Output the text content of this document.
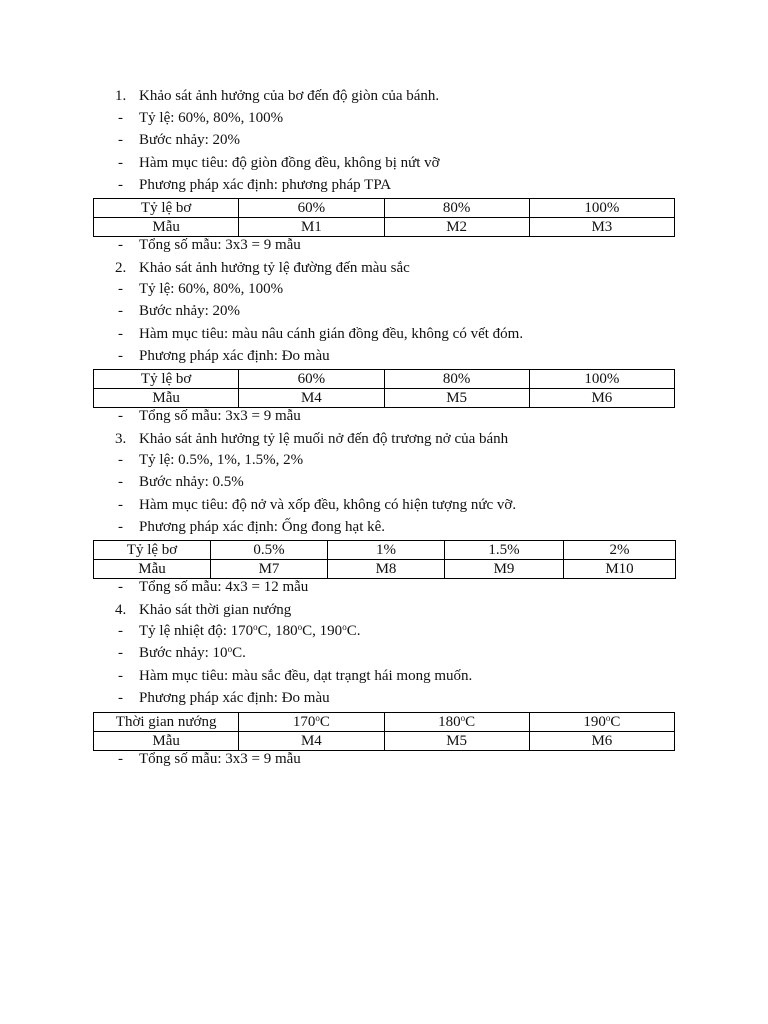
1. Khảo sát ảnh hưởng của bơ đến độ giòn của bánh.
- Tỷ lệ: 60%, 80%, 100%
- Bước nhảy: 20%
- Hàm mục tiêu: độ giòn đồng đều, không bị nứt vỡ
- Phương pháp xác định: phương pháp TPA
Tỷ lệ bơ	60%	80%	100%
Mẫu	M1	M2	M3
- Tổng số mẫu: 3x3 = 9 mẫu
2. Khảo sát ảnh hưởng tỷ lệ đường đến màu sắc
- Tỷ lệ: 60%, 80%, 100%
- Bước nhảy: 20%
- Hàm mục tiêu: màu nâu cánh gián đồng đều, không có vết đóm.
- Phương pháp xác định: Đo màu
Tỷ lệ bơ	60%	80%	100%
Mẫu	M4	M5	M6
- Tổng số mẫu: 3x3 = 9 mẫu
3. Khảo sát ảnh hưởng tỷ lệ muối nở đến độ trương nở của bánh
- Tỷ lệ: 0.5%, 1%, 1.5%, 2%
- Bước nhảy: 0.5%
- Hàm mục tiêu: độ nở và xốp đều, không có hiện tượng nức vỡ.
- Phương pháp xác định: Ống đong hạt kê.
Tỷ lệ bơ	0.5%	1%	1.5%	2%
Mẫu	M7	M8	M9	M10
- Tổng số mẫu: 4x3 = 12 mẫu
4. Khảo sát thời gian nướng
- Tỷ lệ nhiệt độ: 170$^o$C, 180$^o$C, 190$^o$C.
- Bước nhảy: 10$^o$C.
- Hàm mục tiêu: màu sắc đều, dạt trạngt hái mong muốn.
- Phương pháp xác định: Đo màu
Thời gian nướng	170$^o$C	180$^o$C	190$^o$C
Mẫu	M4	M5	M6
- Tổng số mẫu: 3x3 = 9 mẫu
